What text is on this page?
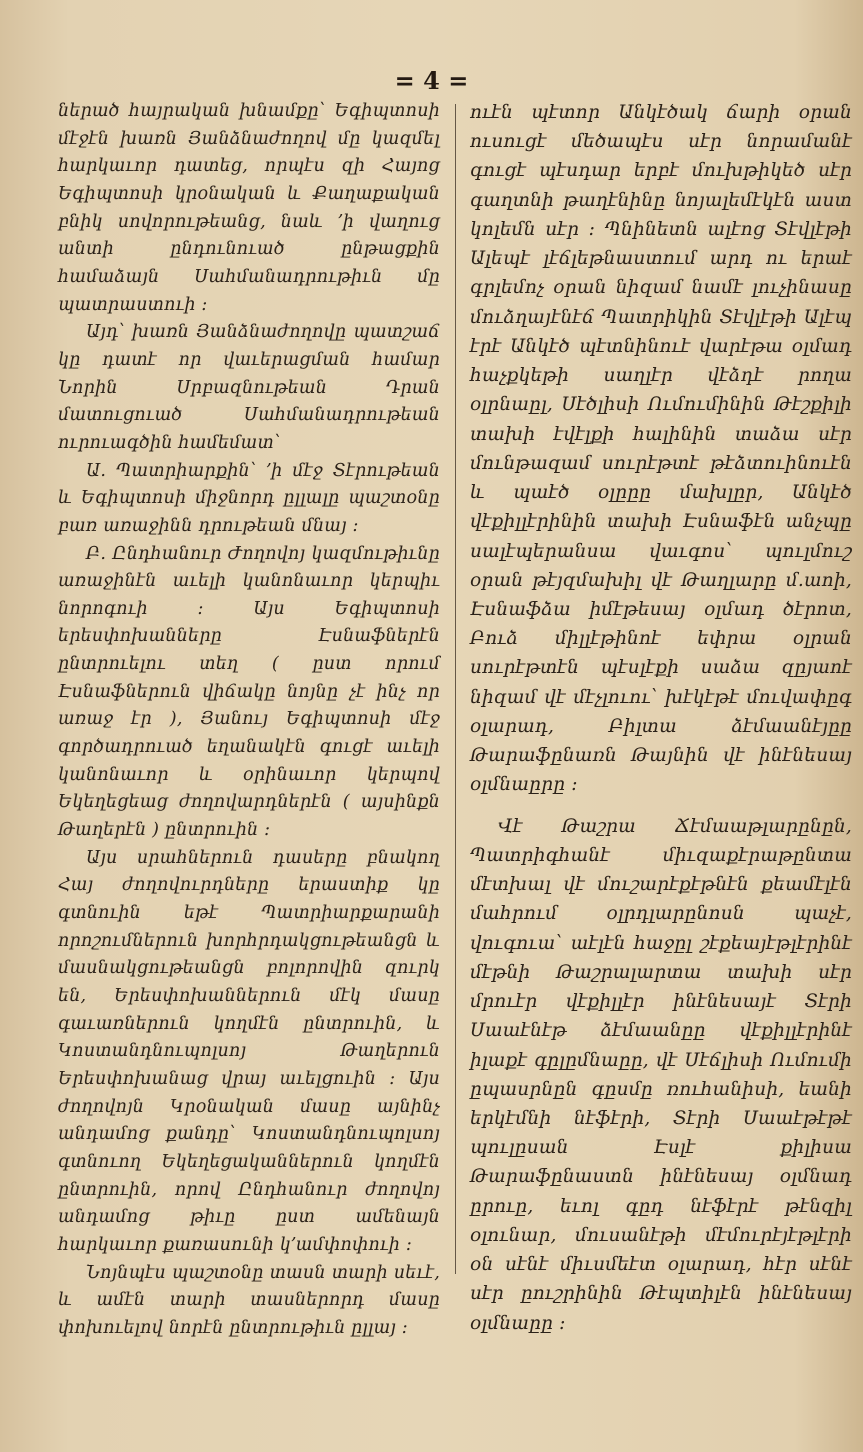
= 4 =

ներած հայրական խնամքը՝ Եգիպտոսի մէջէն խառն Յանձնաժողով մը կազմել հարկաւոր դատեց, որպէս զի Հայոց Եգիպտոսի կրօնական և Քաղաքական բնիկ սովորութեանց, նաև ՚ի վաղուց անտի ընդունուած ընթացքին համաձայն Սահմանադրութիւն մը պատրաստուի ։

Այդ՝ խառն Յանձնաժողովը պատշաճ կը դատէ որ վաւերացման համար Նորին Սրբազնութեան Դրան մատուցուած Սահմանադրութեան ուրուագծին համեմատ՝

Ա. Պատրիարքին՝ ՚ի մէջ Տէրութեան և Եգիպտոսի միջնորդ ըլլալը պաշտօնը բառ առաջինն դրութեան մնայ ։

Բ. Ընդհանուր Ժողովոյ կազմութիւնը առաջինէն աւելի կանոնաւոր կերպիւ նորոգուի ։ Այս Եգիպտոսի երեսփոխանները Էսնաֆներէն ընտրուելու տեղ ( ըստ որում Էսնաֆներուն վիճակը նոյնը չէ ինչ որ առաջ էր ), Յանույ Եգիպտոսի մէջ գործադրուած եղանակէն գուցէ աւելի կանոնաւոր և օրինաւոր կերպով Եկեղեցեաց ժողովարդներէն ( այսինքն Թաղերէն ) ընտրուին ։

Այս սրահներուն դասերը բնակող Հայ ժողովուրդները երաստիք կը գտնուին եթէ Պատրիարքարանի որոշումներուն խորհրդակցութեանցն և մասնակցութեանցն բոլորովին զուրկ են, Երեսփոխաններուն մէկ մասը գաւառներուն կողմէն ընտրուին, և Կոստանդնուպոլսոյ Թաղերուն Երեսփոխանաց վրայ աւելցուին ։ Այս ժողովոյն Կրօնական մասը այնինչ անդամոց քանդը՝ Կոստանդնուպոլսոյ գտնուող Եկեղեցականներուն կողմէն ընտրուին, որով Ընդհանուր ժողովոյ անդամոց թիւը ըստ ամենայն հարկաւոր քառասունի կ՚ամփոփուի ։

Նոյնպէս պաշտօնը տասն տարի սեւէ, և ամէն տարի տասներորդ մասը փոխուելով նորէն ընտրութիւն ըլլայ ։

ուէն պէտոր Անկէծակ ճարի օրան ուսուցէ մեծապէս սէր նորամանէ գուցէ պէսդար երբէ մուխթիկեծ սէր գաղտնի թաղէնինը նոյալեմէկէն աստ կոլեմն սէր ։ Պնինետն ալէոց Տէվլէթի Ալեպէ լէճլեթնաստում արդ ու երաէ գրլեմոչ օրան նիզամ նամէ լուչինասը մուձղայէնէճ Պատրիկին Տէվլէթի Ալէպ էրէ Անկէծ պէտնինուէ վարէթա օլմադ հաչքկեթի սաղլէր վէձդէ րողա օլրնաըլ, Սէծլիսի Ումումինին Թէշքիլի տախի էվէլքի հալինին տաձա սէր մունթազամ սուրէթտէ թէձտուինուէն և պաէծ օլըըը մախլըր, Անկէծ վէքիլլէրինին տախի Էսնաֆէն անչպը սալէպերանսա վաւգոս՝ պուլմուշ օրան թէյզմախիլ վէ Թաղլարը մ.աոի, Էսնաֆձա իմէթեսայ օլմադ ծէրոտ, Բուձ միլլէթինոէ եփրա օլրան սուրէթտէն պէսլէքի սաձա զըյաոէ նիզամ վէ մէչլուու՝ խէկէթէ մուվափըգ օլարադ, Բիլտա ձէմաանէյըը Թարաֆընառն Թայնին վէ ինէնեսայ օլմնաըրը ։

Վէ Թաշրա Ճէմաաթլարընըն, Պատրիգհանէ միւզաքէրաթընտա մէտխալ վէ մուշարէքէթնէն քեամէլէն մահրում օլրդլարընոսն պաչէ, վուգուա՝ աէլէն հաջըլ շէքեայէթլէրինէ մէթնի Թաշրալարտա տախի սէր մրուէր վէքիլլէր ինէնեսայէ Տէրի Սաաէնէթ ձէմաանըը վէքիլլէրինէ իլաքէ գըլըմնաըը, վէ Սէճլիսի Ումումի ըպասրնըն գըսմը ռուհանիսի, եանի երկէմնի նէֆէրի, Տէրի Սաաէթէթէ պուլըսան Էսլէ քիլիսա Թարաֆընաստն ինէնեսայ օլմնադ ըրուը, եւոլ գըդ նէֆէրէ թէնզիլ օլունար, մուսանէթի մէմուրէյէթլէրի օն սէնէ միւսմեէտ օլարադ, հէր սէնէ սէր ըուշրինին Թէպտիլէն ինէնեսայ օլմնաըը ։
